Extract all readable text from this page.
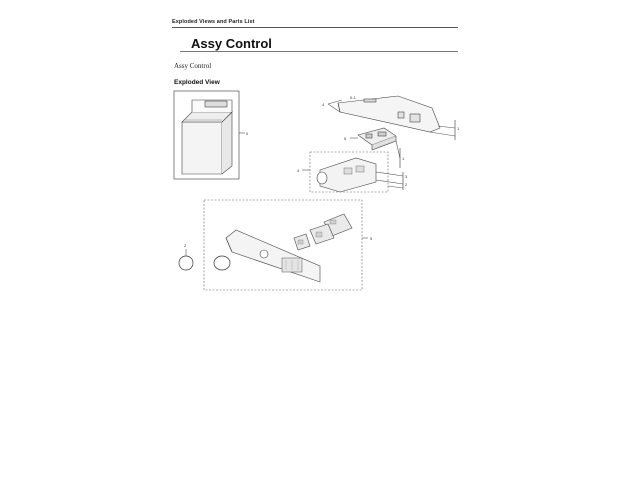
Exploded Views and Parts List
Assy Control
Assy Control
Exploded View
0
4
0-1
1
5
1
4
3
2
5
2
